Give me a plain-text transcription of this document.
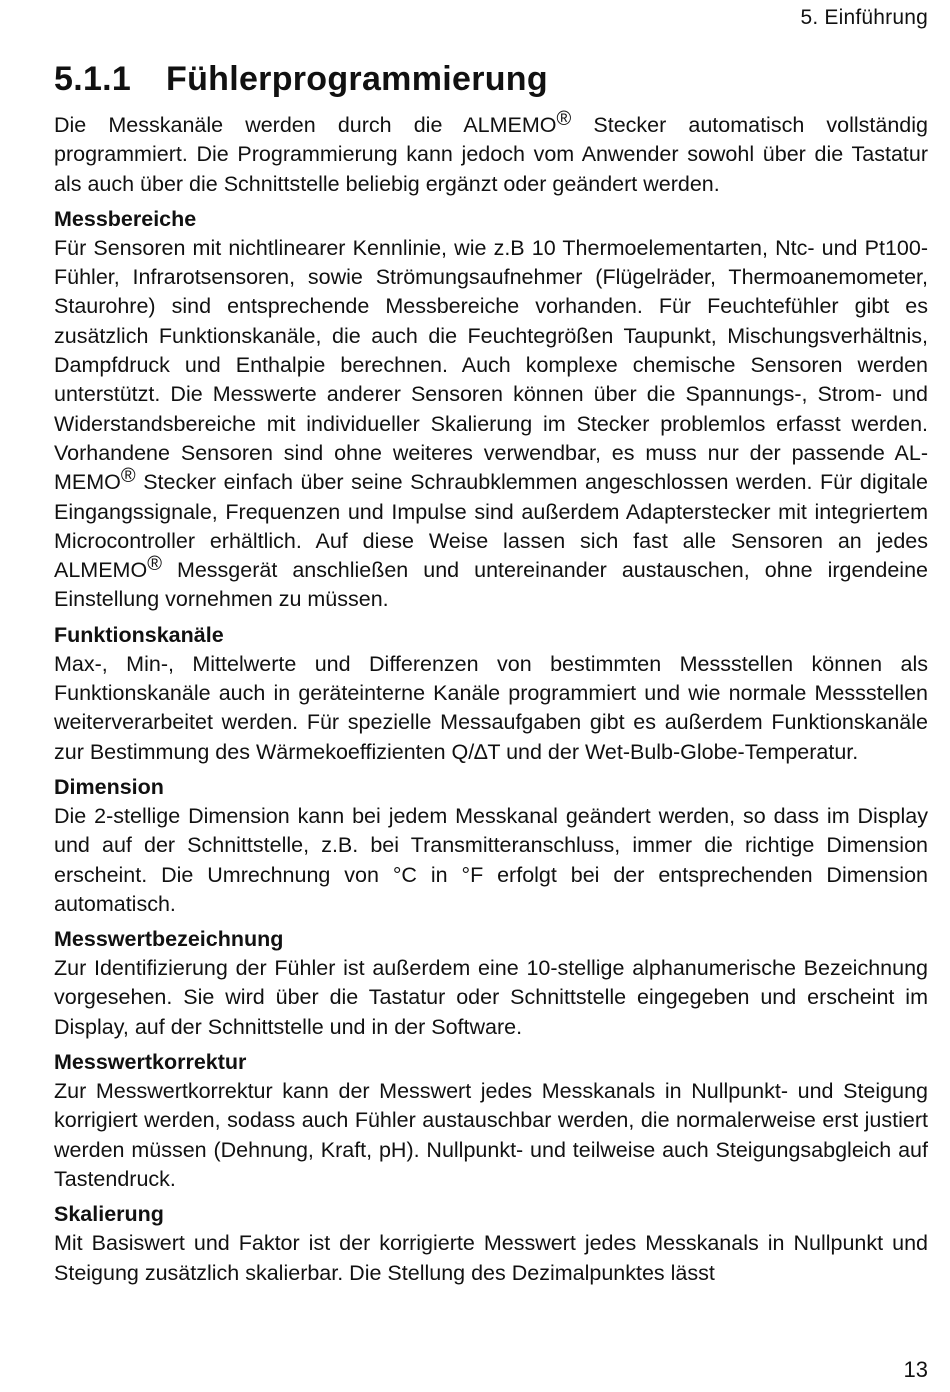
5. Einführung
5.1.1 Fühlerprogrammierung

Die Messkanäle werden durch die ALMEMO® Stecker automatisch vollständig programmiert. Die Programmierung kann jedoch vom Anwender sowohl über die Tastatur als auch über die Schnittstelle beliebig ergänzt oder geändert werden.

Messbereiche

Für Sensoren mit nichtlinearer Kennlinie, wie z.B 10 Thermoelementarten, Ntc- und Pt100-Fühler, Infrarotsensoren, sowie Strömungsaufnehmer (Flügelräder, Thermoanemometer, Staurohre) sind entsprechende Messbereiche vorhanden. Für Feuchtefühler gibt es zusätzlich Funktionskanäle, die auch die Feuchtegrößen Taupunkt, Mischungsverhältnis, Dampfdruck und Enthalpie berechnen. Auch komplexe chemische Sensoren werden unterstützt. Die Messwerte anderer Sensoren können über die Spannungs-, Strom- und Widerstandsbereiche mit individueller Skalierung im Stecker problemlos erfasst werden. Vorhandene Sensoren sind ohne weiteres verwendbar, es muss nur der passende ALMEMO® Stecker einfach über seine Schraubklemmen angeschlossen werden. Für digitale Eingangssignale, Frequenzen und Impulse sind außerdem Adapterstecker mit integriertem Microcontroller erhältlich. Auf diese Weise lassen sich fast alle Sensoren an jedes ALMEMO® Messgerät anschließen und untereinander austauschen, ohne irgendeine Einstellung vornehmen zu müssen.

Funktionskanäle

Max-, Min-, Mittelwerte und Differenzen von bestimmten Messstellen können als Funktionskanäle auch in geräteinterne Kanäle programmiert und wie normale Messstellen weiterverarbeitet werden. Für spezielle Messaufgaben gibt es außerdem Funktionskanäle zur Bestimmung des Wärmekoeffizienten Q/∆T und der Wet-Bulb-Globe-Temperatur.

Dimension

Die 2-stellige Dimension kann bei jedem Messkanal geändert werden, so dass im Display und auf der Schnittstelle, z.B. bei Transmitteranschluss, immer die richtige Dimension erscheint. Die Umrechnung von °C in °F erfolgt bei der entsprechenden Dimension automatisch.

Messwertbezeichnung

Zur Identifizierung der Fühler ist außerdem eine 10-stellige alphanumerische Bezeichnung vorgesehen. Sie wird über die Tastatur oder Schnittstelle eingegeben und erscheint im Display, auf der Schnittstelle und in der Software.

Messwertkorrektur

Zur Messwertkorrektur kann der Messwert jedes Messkanals in Nullpunkt- und Steigung korrigiert werden, sodass auch Fühler austauschbar werden, die normalerweise erst justiert werden müssen (Dehnung, Kraft, pH). Nullpunkt- und teilweise auch Steigungsabgleich auf Tastendruck.

Skalierung

Mit Basiswert und Faktor ist der korrigierte Messwert jedes Messkanals in Nullpunkt und Steigung zusätzlich skalierbar. Die Stellung des Dezimalpunktes lässt

13
